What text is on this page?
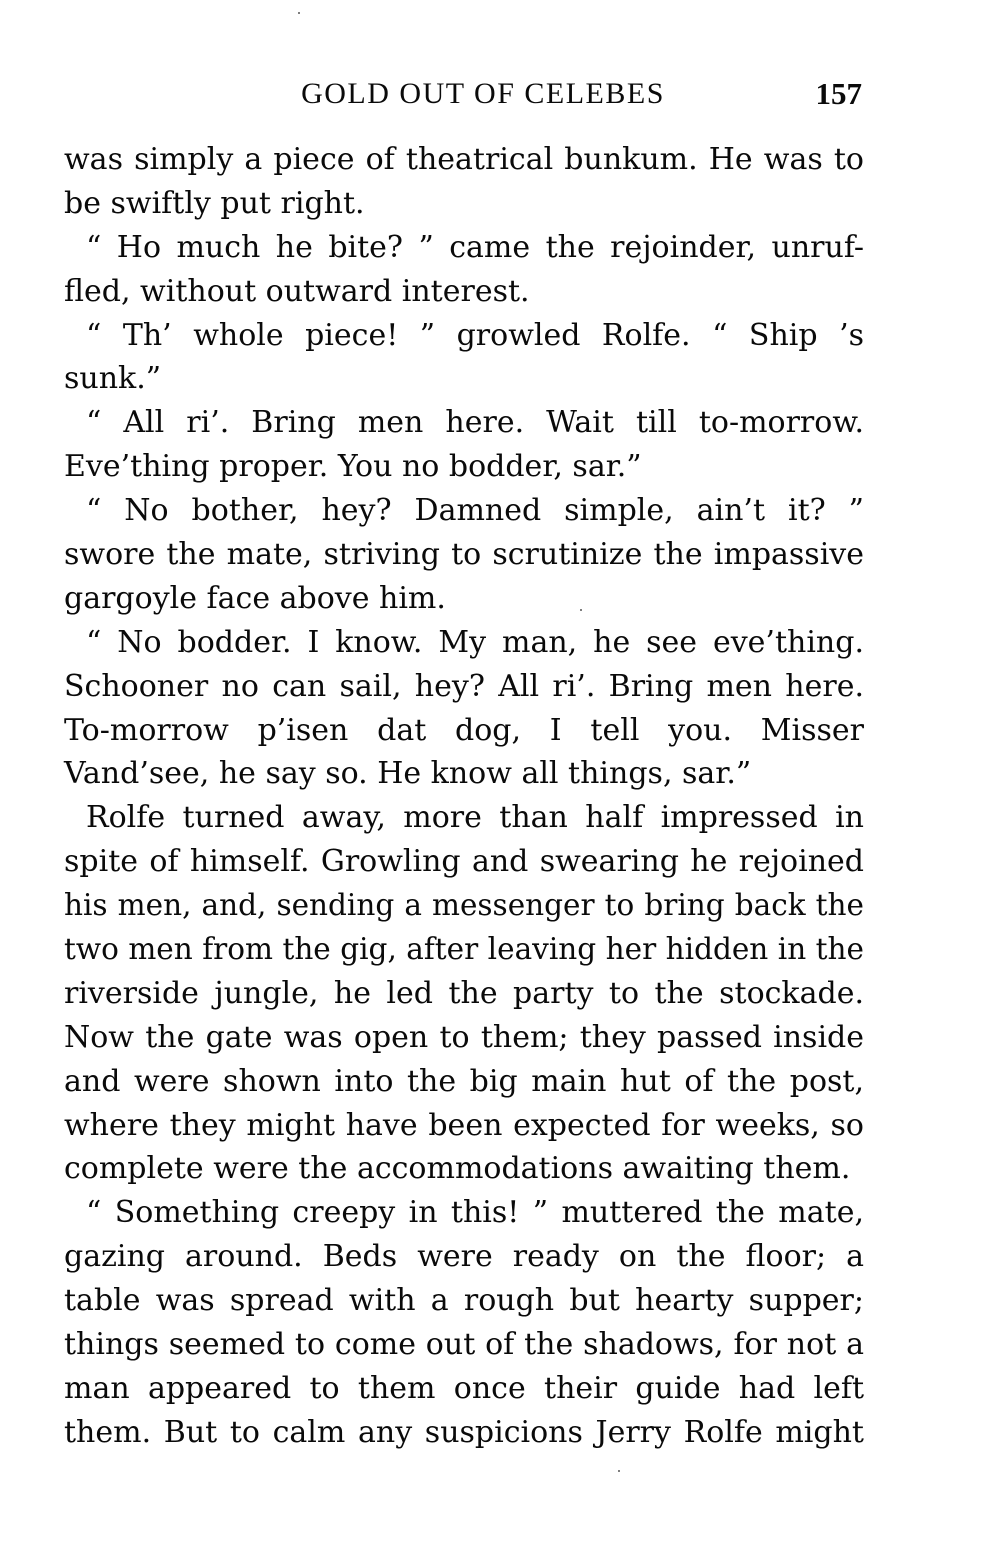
GOLD OUT OF CELEBES	157
was simply a piece of theatrical bunkum. He was to
be swiftly put right.
“ Ho much he bite? ” came the rejoinder, unruf-
fled, without outward interest.
“ Th’ whole piece! ” growled Rolfe. “ Ship ’s
sunk.”
“ All ri’. Bring men here. Wait till to-morrow.
Eve’thing proper. You no bodder, sar.”
“ No bother, hey? Damned simple, ain’t it? ”
swore the mate, striving to scrutinize the impassive
gargoyle face above him.
“ No bodder. I know. My man, he see eve’thing.
Schooner no can sail, hey? All ri’. Bring men here.
To-morrow p’isen dat dog, I tell you. Misser
Vand’see, he say so. He know all things, sar.”
Rolfe turned away, more than half impressed in
spite of himself. Growling and swearing he rejoined
his men, and, sending a messenger to bring back the
two men from the gig, after leaving her hidden in the
riverside jungle, he led the party to the stockade.
Now the gate was open to them; they passed inside
and were shown into the big main hut of the post,
where they might have been expected for weeks, so
complete were the accommodations awaiting them.
“ Something creepy in this! ” muttered the mate,
gazing around. Beds were ready on the floor; a
table was spread with a rough but hearty supper;
things seemed to come out of the shadows, for not a
man appeared to them once their guide had left
them. But to calm any suspicions Jerry Rolfe might
